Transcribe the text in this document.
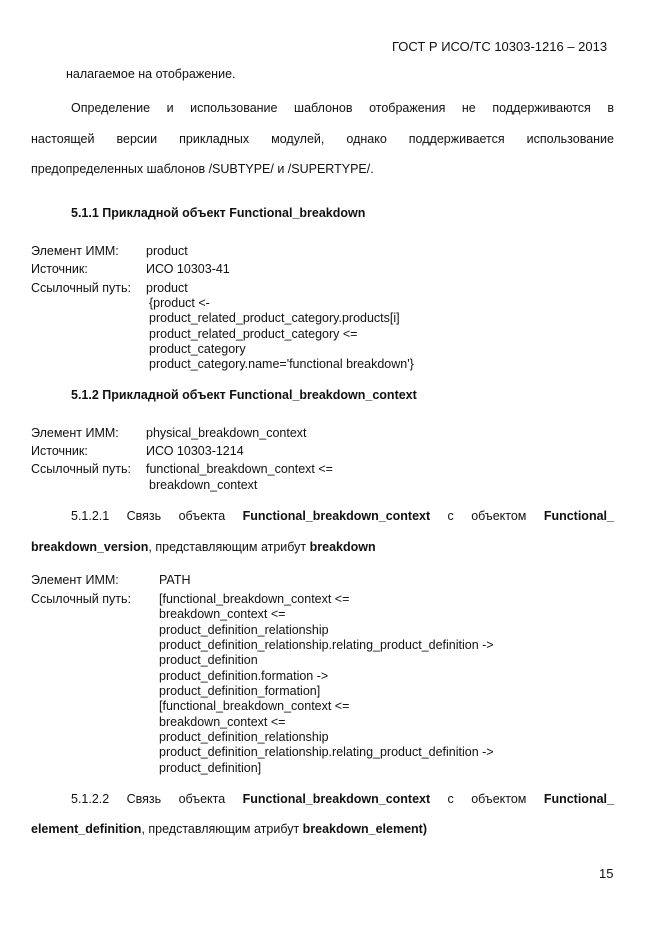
ГОСТ Р ИСО/ТС 10303-1216 – 2013
налагаемое на отображение.
Определение и использование шаблонов отображения не поддерживаются в
настоящей версии прикладных модулей, однако поддерживается использование
предопределенных шаблонов /SUBTYPE/ и /SUPERTYPE/.
5.1.1 Прикладной объект Functional_breakdown
Элемент ИММ: product
Источник:	ИСО 10303-41
Ссылочный путь: product
{product <-
product_related_product_category.products[i]
product_related_product_category <=
product_category
product_category.name='functional breakdown'}
5.1.2 Прикладной объект Functional_breakdown_context
Элемент ИММ: physical_breakdown_context
Источник:	ИСО 10303-1214
Ссылочный путь: functional_breakdown_context <=
breakdown_context
5.1.2.1 Связь объекта Functional_breakdown_context с объектом Functional_
breakdown_version, представляющим атрибут breakdown
Элемент ИММ:	PATH
Ссылочный путь: [functional_breakdown_context <=
breakdown_context <=
product_definition_relationship
product_definition_relationship.relating_product_definition ->
product_definition
product_definition.formation ->
product_definition_formation]
[functional_breakdown_context <=
breakdown_context <=
product_definition_relationship
product_definition_relationship.relating_product_definition ->
product_definition]
5.1.2.2 Связь объекта Functional_breakdown_context с объектом Functional_
element_definition, представляющим атрибут breakdown_element)
15
